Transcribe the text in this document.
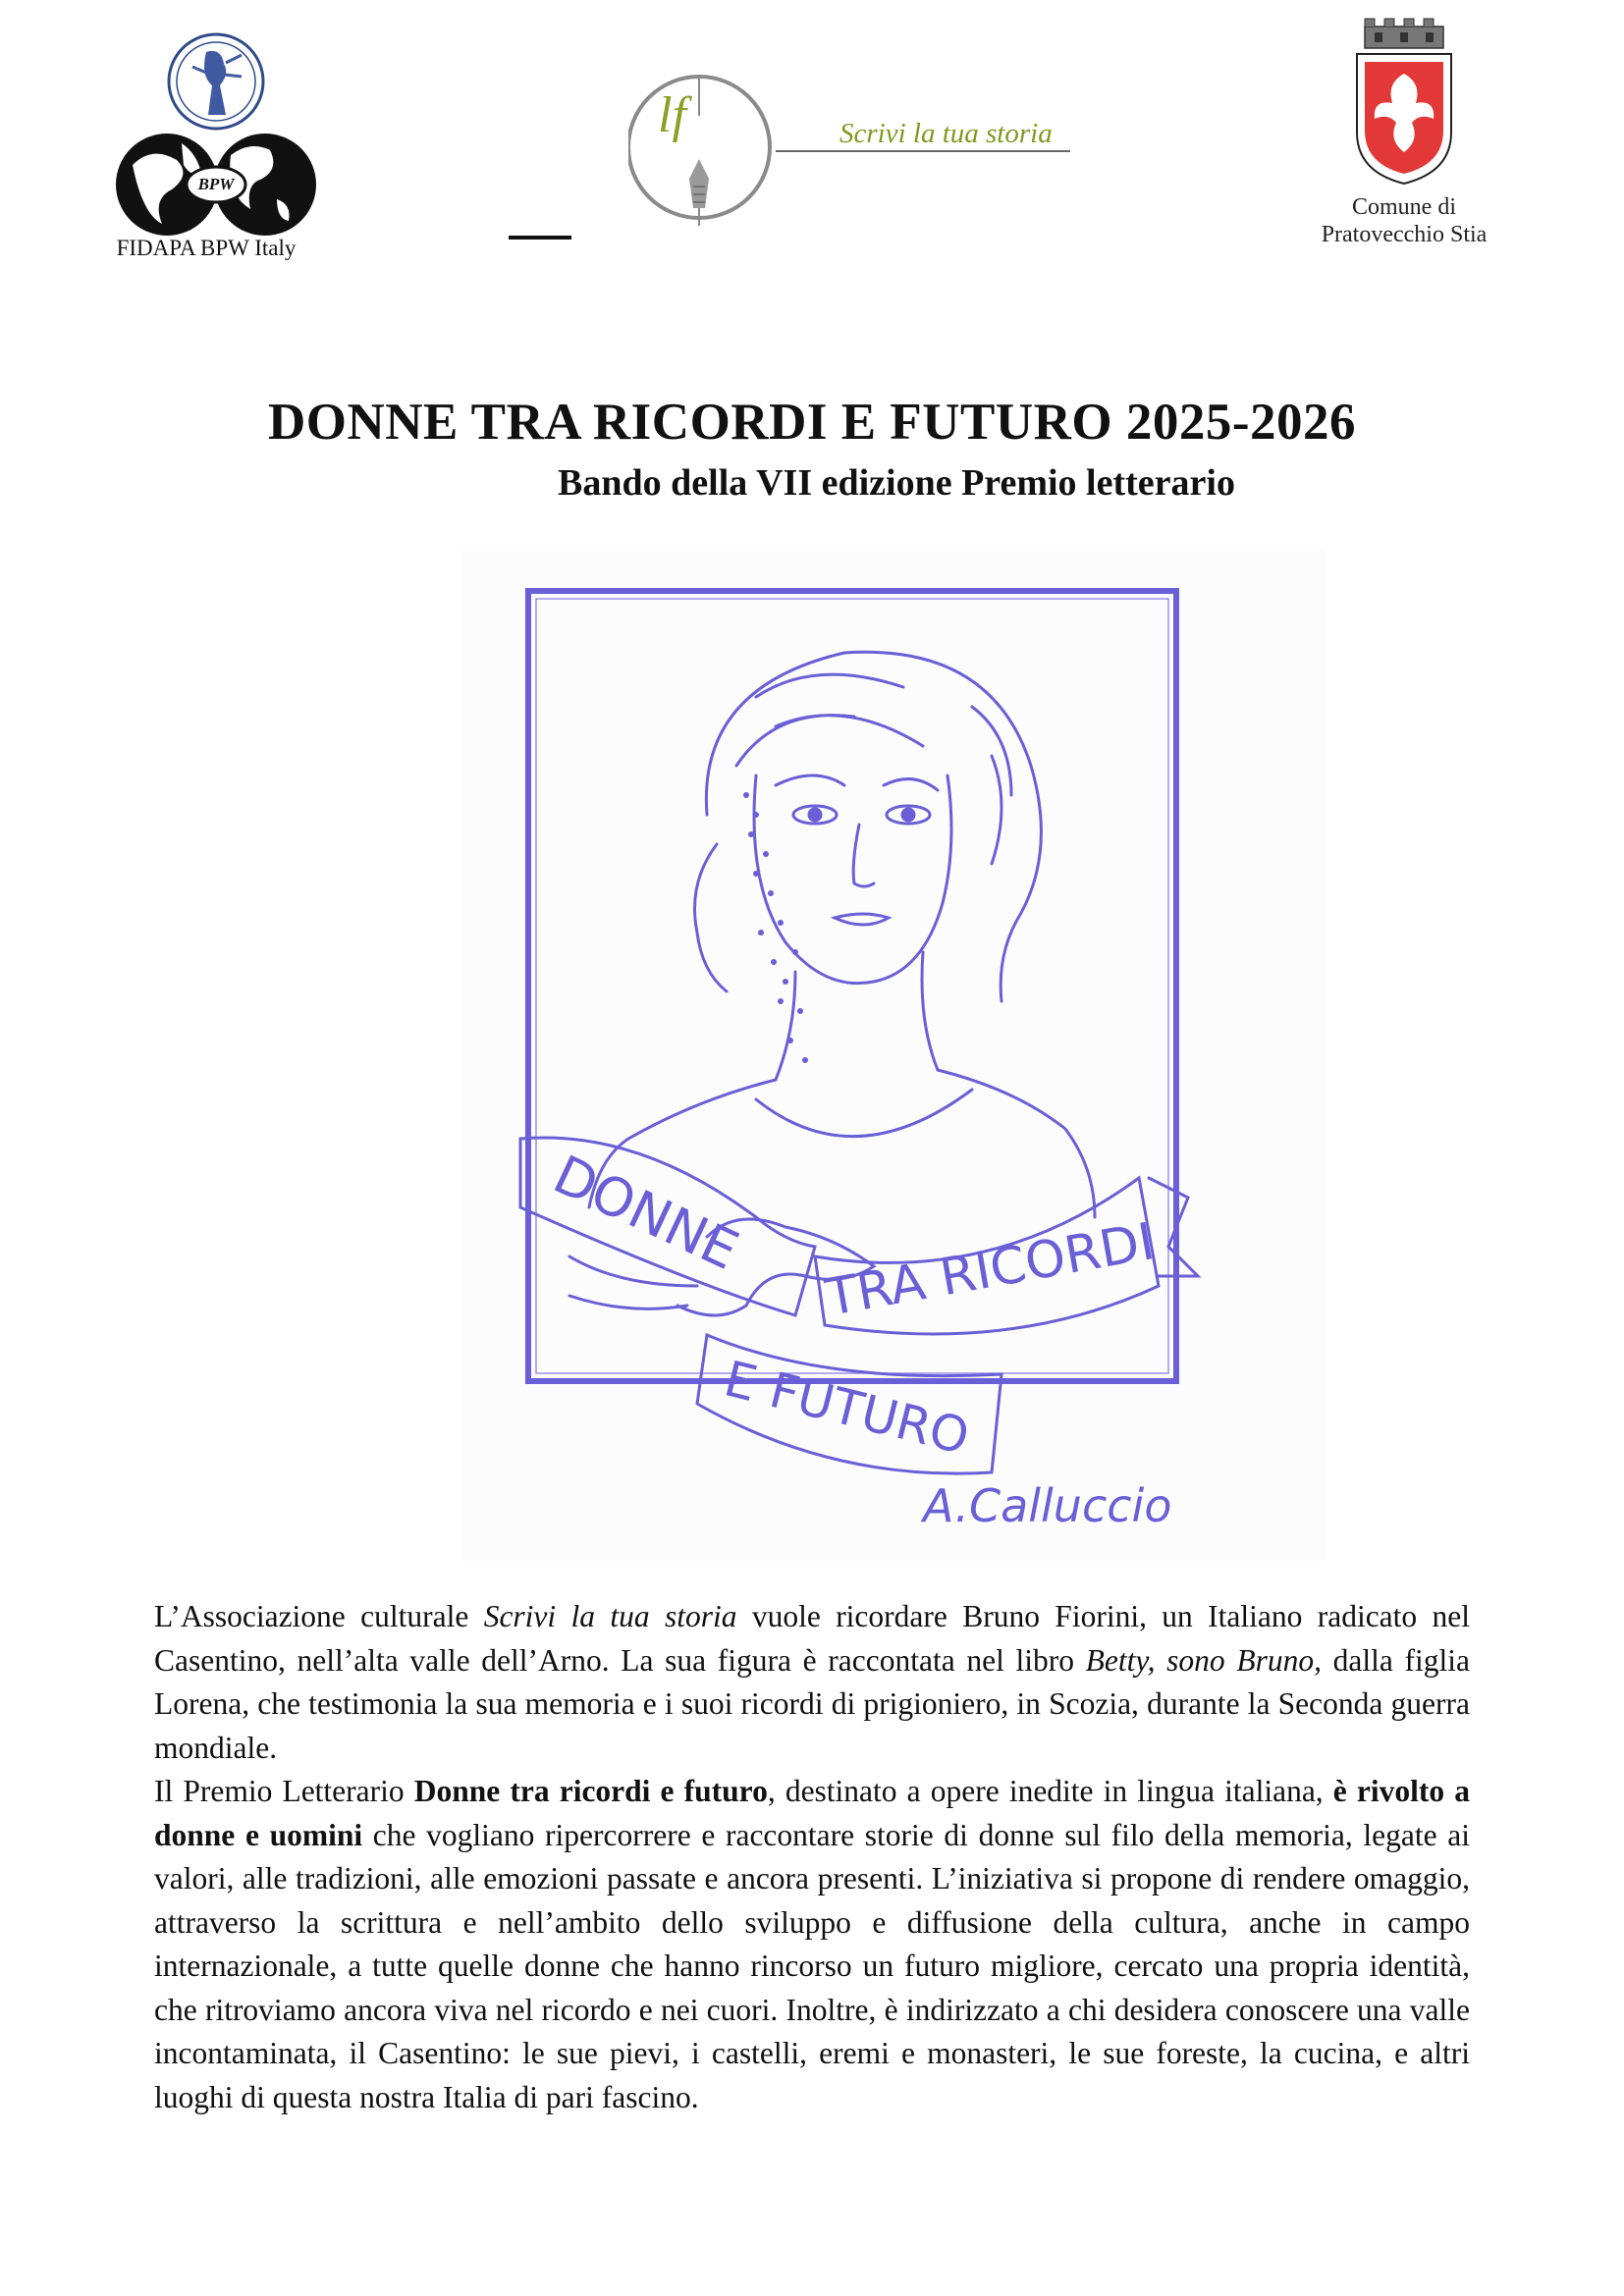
BPW
FIDAPA BPW Italy
lf	Scrivi la tua storia
Comune di
Pratovecchio Stia
DONNE TRA RICORDI E FUTURO 2025-2026
Bando della VII edizione Premio letterario
DONNE TRA RICORDI
E FUTURO
A.Calluccio

L’Associazione culturale Scrivi la tua storia vuole ricordare Bruno Fiorini, un Italiano radicato nel Casentino, nell’alta valle dell’Arno. La sua figura è raccontata nel libro Betty, sono Bruno, dalla figlia Lorena, che testimonia la sua memoria e i suoi ricordi di prigioniero, in Scozia, durante la Seconda guerra mondiale.

Il Premio Letterario Donne tra ricordi e futuro, destinato a opere inedite in lingua italiana, è rivolto a donne e uomini che vogliano ripercorrere e raccontare storie di donne sul filo della memoria, legate ai valori, alle tradizioni, alle emozioni passate e ancora presenti. L’iniziativa si propone di rendere omaggio, attraverso la scrittura e nell’ambito dello sviluppo e diffusione della cultura, anche in campo internazionale, a tutte quelle donne che hanno rincorso un futuro migliore, cercato una propria identità, che ritroviamo ancora viva nel ricordo e nei cuori. Inoltre, è indirizzato a chi desidera conoscere una valle incontaminata, il Casentino: le sue pievi, i castelli, eremi e monasteri, le sue foreste, la cucina, e altri luoghi di questa nostra Italia di pari fascino.
